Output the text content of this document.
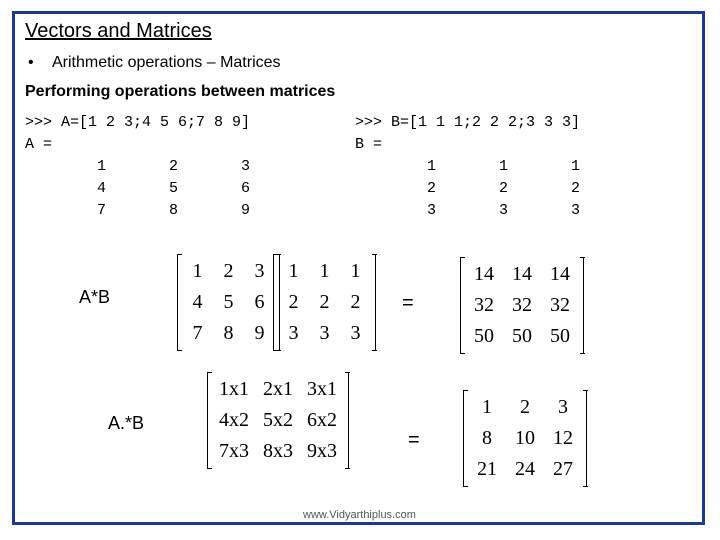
Vectors and Matrices
• Arithmetic operations – Matrices
Performing operations between matrices
>>> A=[1 2 3;4 5 6;7 8 9]
A =
1       2       3
4       5       6
7       8       9
>>> B=[1 1 1;2 2 2;3 3 3]
B =
1       1       1
2       2       2
3       3       3
A*B
A.*B
=
=
1	2	3
4	5	6
7	8	9
1	1	1
2	2	2
3	3	3
14	14	14
32	32	32
50	50	50
1x1	2x1	3x1
4x2	5x2	6x2
7x3	8x3	9x3
1	2	3
8	10	12
21	24	27
www.Vidyarthiplus.com
